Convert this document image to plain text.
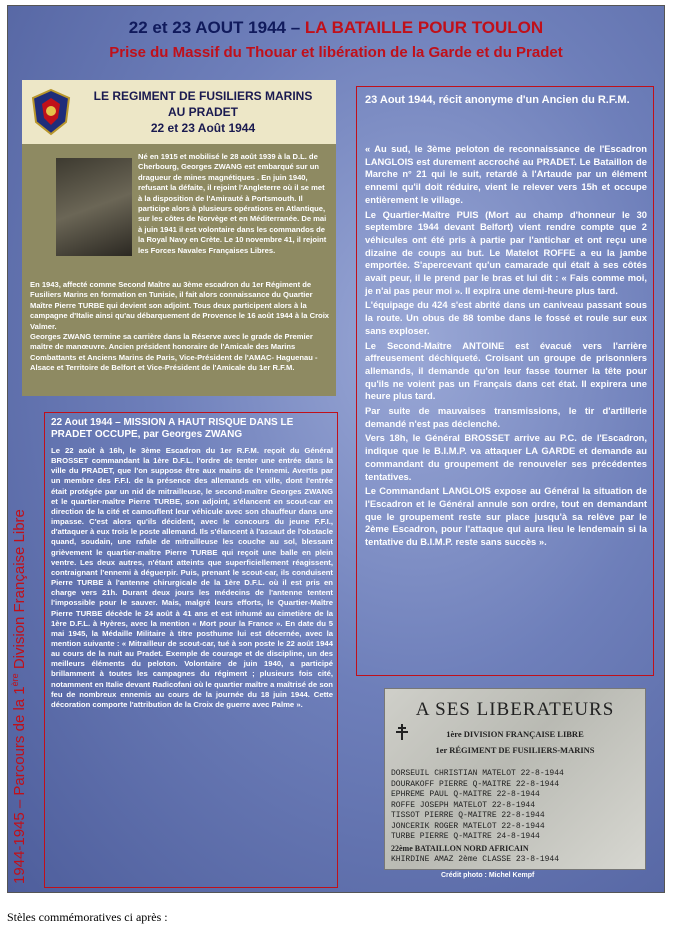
22 et 23 AOUT 1944 – LA BATAILLE POUR TOULON
Prise du Massif du Thouar et libération de la Garde et du Pradet
1944-1945 – Parcours de la 1ère Division Française Libre
LE REGIMENT DE FUSILIERS MARINS
AU PRADET
22 et 23 Août 1944
Né en 1915 et mobilisé le 28 août 1939 à la D.L. de Cherbourg, Georges ZWANG est embarqué sur un dragueur de mines magnétiques . En juin 1940, refusant la défaite, il rejoint l'Angleterre où il se met à la disposition de l'Amirauté à Portsmouth. Il participe alors à plusieurs opérations en Atlantique, sur les côtes de Norvège et en Méditerranée. De mai à juin 1941 il est volontaire dans les commandos de la Royal Navy en Crète. Le 10 novembre 41, il rejoint les Forces Navales Françaises Libres.

En 1943, affecté comme Second Maître au 3ème escadron du 1er Régiment de Fusiliers Marins en formation en Tunisie, il fait alors connaissance du Quartier Maître Pierre TURBE qui devient son adjoint. Tous deux participent alors à la campagne d'Italie ainsi qu'au débarquement de Provence le 16 août 1944 à la Croix Valmer.

Georges ZWANG termine sa carrière dans la Réserve avec le grade de Premier maître de manœuvre. Ancien président honoraire de l'Amicale des Marins Combattants et Anciens Marins de Paris, Vice-Président de l'AMAC- Haguenau -Alsace et Territoire de Belfort et Vice-Président de l'Amicale du 1er R.F.M.

22 Aout 1944 – MISSION A HAUT RISQUE DANS LE PRADET OCCUPE, par Georges ZWANG
Le 22 août à 16h, le 3ème Escadron du 1er R.F.M. reçoit du Général BROSSET commandant la 1ère D.F.L. l'ordre de tenter une entrée dans la ville du PRADET, que l'on suppose être aux mains de l'ennemi. Avertis par un membre des F.F.I. de la présence des allemands en ville, dont l'entrée était protégée par un nid de mitrailleuse, le second-maître Georges ZWANG et le quartier-maître Pierre TURBE, son adjoint, s'élancent en scout-car en direction de la cité et camouflent leur véhicule avec son chauffeur dans une impasse. C'est alors qu'ils décident, avec le concours du jeune F.F.I., d'attaquer à eux trois le poste allemand. Ils s'élancent à l'assaut de l'obstacle quand, soudain, une rafale de mitrailleuse les couche au sol, blessant grièvement le quartier-maître Pierre TURBE qui reçoit une balle en plein ventre. Les deux autres, n'étant atteints que superficiellement réagissent, contraignant l'ennemi à déguerpir. Puis, prenant le scout-car, ils conduisent Pierre TURBE à l'antenne chirurgicale de la 1ère D.F.L. où il est pris en charge vers 21h. Durant deux jours les médecins de l'antenne tentent l'impossible pour le sauver. Mais, malgré leurs efforts, le Quartier-Maître Pierre TURBE décède le 24 août à 41 ans et est inhumé au cimetière de la 1ère D.F.L. à Hyères, avec la mention « Mort pour la France ». En date du 5 mai 1945, la Médaille Militaire à titre posthume lui est décernée, avec la mention suivante : « Mitrailleur de scout-car, tué à son poste le 22 août 1944 au cours de la nuit au Pradet. Exemple de courage et de discipline, un des meilleurs éléments du peloton. Volontaire de juin 1940, a participé brillamment à toutes les campagnes du régiment ; plusieurs fois cité, notamment en Italie devant Radicofani où le quartier maître a maîtrisé de son feu de nombreux ennemis au cours de la journée du 18 juin 1944. Cette décoration comporte l'attribution de la Croix de guerre avec Palme ».
23 Aout 1944, récit anonyme d'un Ancien du R.F.M.

« Au sud, le 3ème peloton de reconnaissance de l'Escadron LANGLOIS est durement accroché au PRADET. Le Bataillon de Marche n° 21 qui le suit, retardé à l'Artaude par un élément ennemi qu'il doit réduire, vient le relever vers 15h et occupe entièrement le village.

Le Quartier-Maître PUIS (Mort au champ d'honneur le 30 septembre 1944 devant Belfort) vient rendre compte que 2 véhicules ont été pris à partie par l'antichar et ont reçu une dizaine de coups au but. Le Matelot ROFFE a eu la jambe emportée. S'apercevant qu'un camarade qui était à ses côtés avait peur, il le prend par le bras et lui dit : « Fais comme moi, je n'ai pas peur moi ». Il expira une demi-heure plus tard.

L'équipage du 424 s'est abrité dans un caniveau passant sous la route. Un obus de 88 tombe dans le fossé et roule sur eux sans exploser.

Le Second-Maître ANTOINE est évacué vers l'arrière affreusement déchiqueté. Croisant un groupe de prisonniers allemands, il demande qu'on leur fasse tourner la tête pour qu'ils ne voient pas un Français dans cet état. Il expirera une heure plus tard.

Par suite de mauvaises transmissions, le tir d'artillerie demandé n'est pas déclenché.

Vers 18h, le Général BROSSET arrive au P.C. de l'Escadron, indique que le B.I.M.P. va attaquer LA GARDE et demande au commandant du groupement de renouveler ses précédentes tentatives.

Le Commandant LANGLOIS expose au Général la situation de l'Escadron et le Général annule son ordre, tout en demandant que le groupement reste sur place jusqu'à sa relève par le 2ème Escadron, pour l'attaque qui aura lieu le lendemain si la tentative du B.I.M.P. reste sans succès ».

A SES LIBERATEURS
1ère DIVISION FRANÇAISE LIBRE
1er RÉGIMENT DE FUSILIERS-MARINS
DORSEUIL CHRISTIAN MATELOT 22-8-1944
DOURAKOFF PIERRE Q-MAITRE 22-8-1944
EPHREME PAUL Q-MAITRE 22-8-1944
ROFFE JOSEPH MATELOT 22-8-1944
TISSOT PIERRE Q-MAITRE 22-8-1944
JONCERIK ROGER MATELOT 22-8-1944
TURBE PIERRE Q-MAITRE 24-8-1944
22ème BATAILLON NORD AFRICAIN
KHIRDINE AMAZ 2ème CLASSE 23-8-1944
Crédit photo : Michel Kempf
Stèles commémoratives ci après :
